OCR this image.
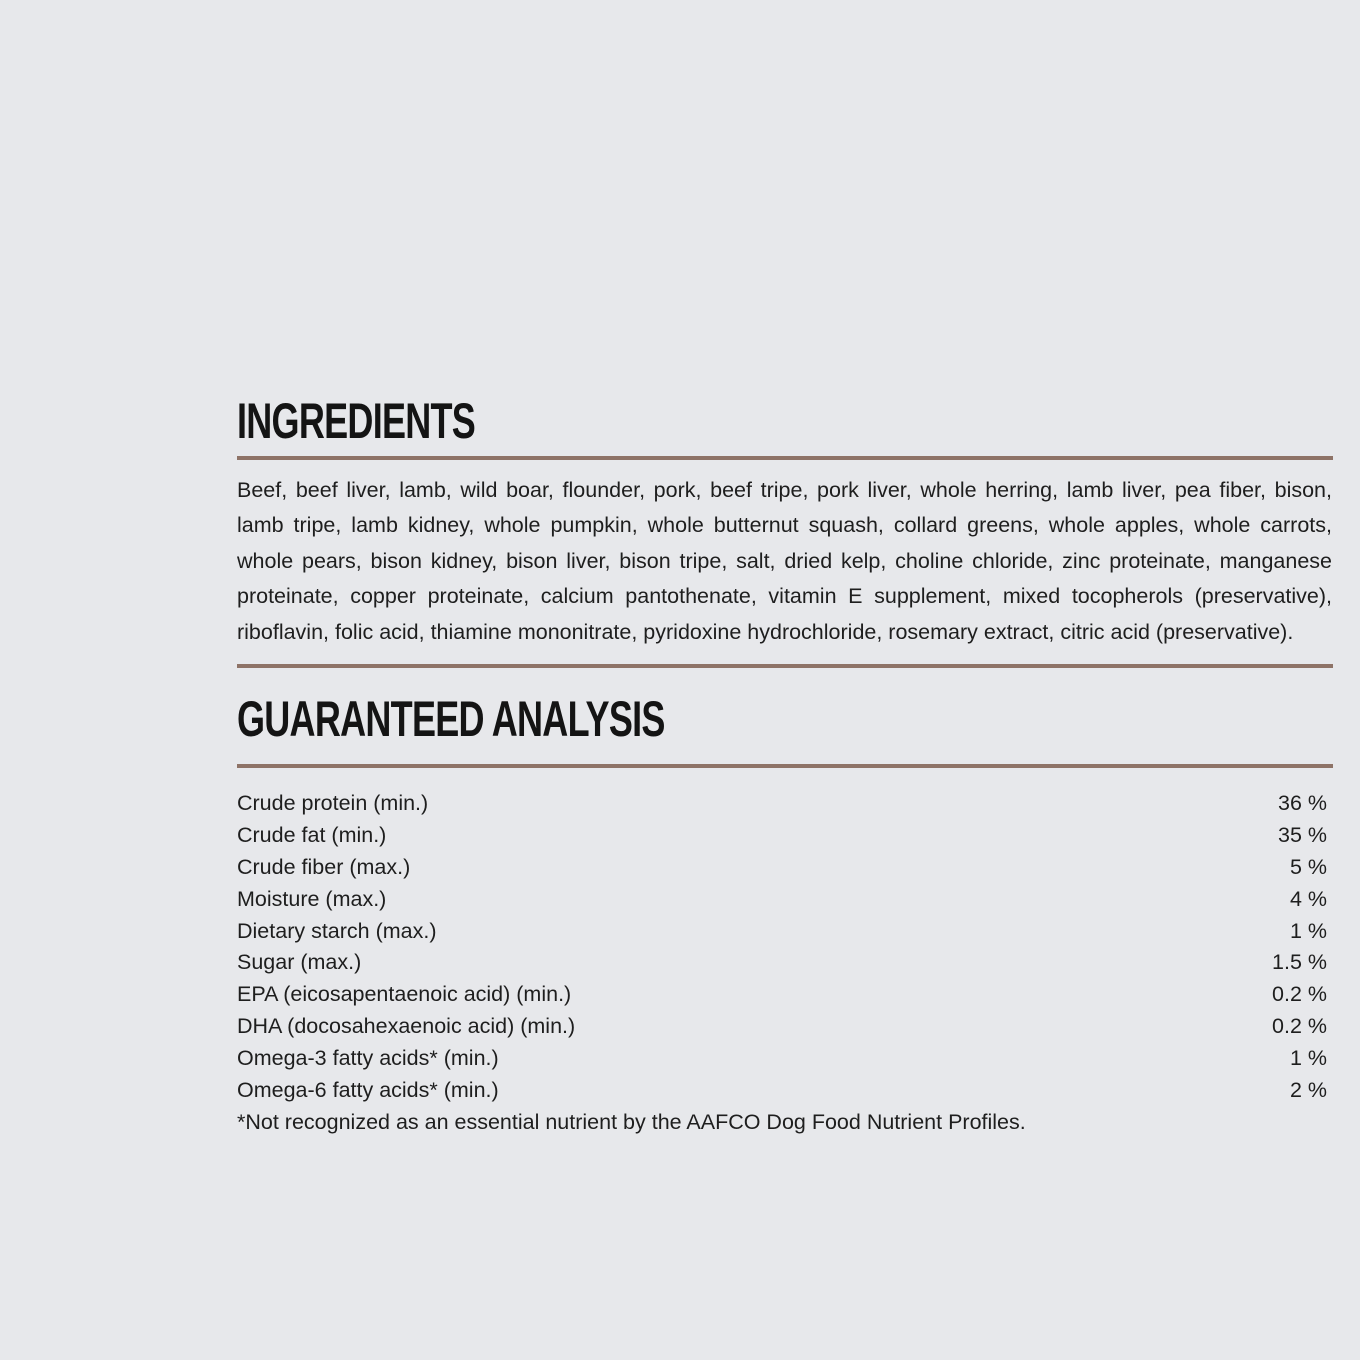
INGREDIENTS

Beef, beef liver, lamb, wild boar, flounder, pork, beef tripe, pork liver, whole herring, lamb liver, pea fiber, bison, lamb tripe, lamb kidney, whole pumpkin, whole butternut squash, collard greens, whole apples, whole carrots, whole pears, bison kidney, bison liver, bison tripe, salt, dried kelp, choline chloride, zinc proteinate, manganese proteinate, copper proteinate, calcium pantothenate, vitamin E supplement, mixed tocopherols (preservative), riboflavin, folic acid, thiamine mononitrate, pyridoxine hydrochloride, rosemary extract, citric acid (preservative).

GUARANTEED ANALYSIS
Crude protein (min.)	36 %
Crude fat (min.)	35 %
Crude fiber (max.)	5 %
Moisture (max.)	4 %
Dietary starch (max.)	1 %
Sugar (max.)	1.5 %
EPA (eicosapentaenoic acid) (min.)	0.2 %
DHA (docosahexaenoic acid) (min.)	0.2 %
Omega-3 fatty acids* (min.)	1 %
Omega-6 fatty acids* (min.)	2 %
*Not recognized as an essential nutrient by the AAFCO Dog Food Nutrient Profiles.
